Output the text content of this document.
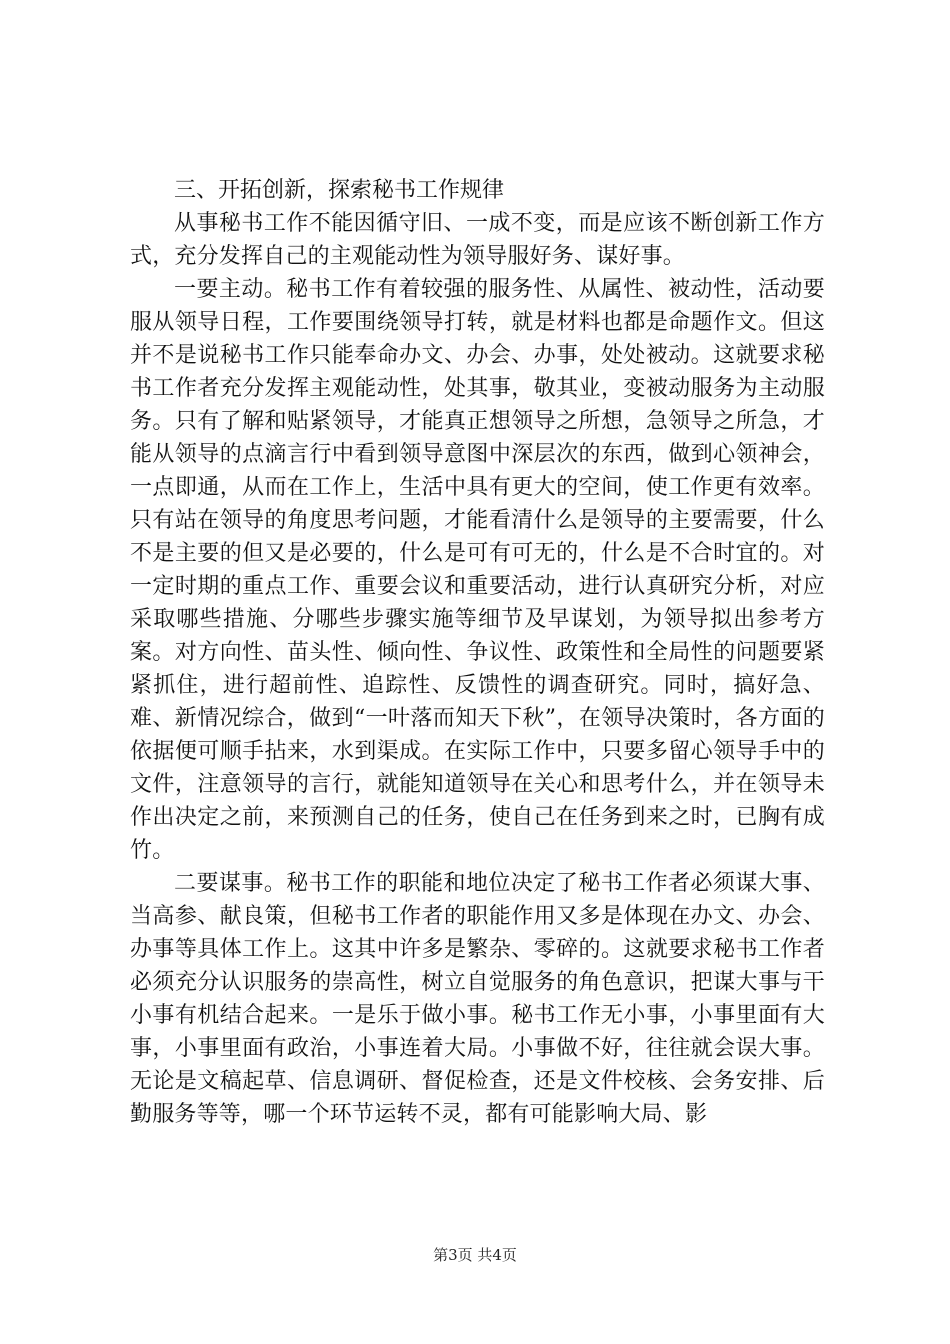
三、开拓创新，探索秘书工作规律

从事秘书工作不能因循守旧、一成不变，而是应该不断创新工作方式，充分发挥自己的主观能动性为领导服好务、谋好事。

一要主动。秘书工作有着较强的服务性、从属性、被动性，活动要服从领导日程，工作要围绕领导打转，就是材料也都是命题作文。但这并不是说秘书工作只能奉命办文、办会、办事，处处被动。这就要求秘书工作者充分发挥主观能动性，处其事，敬其业，变被动服务为主动服务。只有了解和贴紧领导，才能真正想领导之所想，急领导之所急，才能从领导的点滴言行中看到领导意图中深层次的东西，做到心领神会，一点即通，从而在工作上，生活中具有更大的空间，使工作更有效率。只有站在领导的角度思考问题，才能看清什么是领导的主要需要，什么不是主要的但又是必要的，什么是可有可无的，什么是不合时宜的。对一定时期的重点工作、重要会议和重要活动，进行认真研究分析，对应采取哪些措施、分哪些步骤实施等细节及早谋划，为领导拟出参考方案。对方向性、苗头性、倾向性、争议性、政策性和全局性的问题要紧紧抓住，进行超前性、追踪性、反馈性的调查研究。同时，搞好急、难、新情况综合，做到“一叶落而知天下秋”，在领导决策时，各方面的依据便可顺手拈来，水到渠成。在实际工作中，只要多留心领导手中的文件，注意领导的言行，就能知道领导在关心和思考什么，并在领导未作出决定之前，来预测自己的任务，使自己在任务到来之时，已胸有成竹。

二要谋事。秘书工作的职能和地位决定了秘书工作者必须谋大事、当高参、献良策，但秘书工作者的职能作用又多是体现在办文、办会、办事等具体工作上。这其中许多是繁杂、零碎的。这就要求秘书工作者必须充分认识服务的崇高性，树立自觉服务的角色意识，把谋大事与干小事有机结合起来。一是乐于做小事。秘书工作无小事，小事里面有大事，小事里面有政治，小事连着大局。小事做不好，往往就会误大事。无论是文稿起草、信息调研、督促检查，还是文件校核、会务安排、后勤服务等等，哪一个环节运转不灵，都有可能影响大局、影

第3页 共4页
